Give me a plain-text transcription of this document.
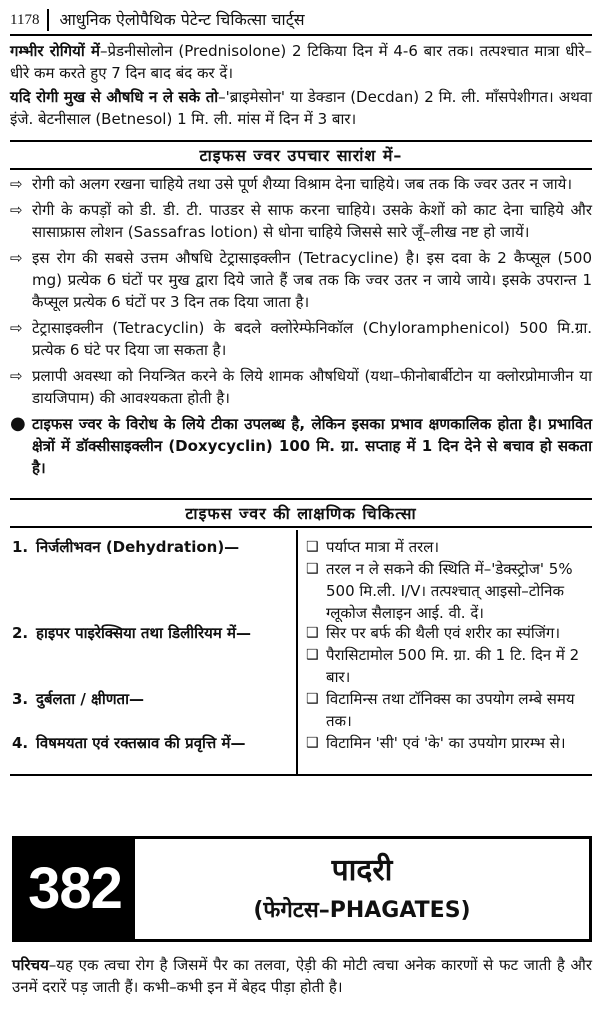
1178	आधुनिक ऐलोपैथिक पेटेन्ट चिकित्सा चार्ट्स

गम्भीर रोगियों में–प्रेडनीसोलोन (Prednisolone) 2 टिकिया दिन में 4-6 बार तक। तत्पश्चात मात्रा धीरे–धीरे कम करते हुए 7 दिन बाद बंद कर दें।

यदि रोगी मुख से औषधि न ले सके तो–'ब्राइमेसोन' या डेक्डान (Decdan) 2 मि. ली. माँसपेशीगत। अथवा इंजे. बेटनीसाल (Betnesol) 1 मि. ली. मांस में दिन में 3 बार।

टाइफस ज्वर उपचार सारांश में–
⇨ रोगी को अलग रखना चाहिये तथा उसे पूर्ण शैय्या विश्राम देना चाहिये। जब तक कि ज्वर उतर न जाये।
⇨ रोगी के कपड़ों को डी. डी. टी. पाउडर से साफ करना चाहिये। उसके केशों को काट देना चाहिये और सासाफ्रास लोशन (Sassafras lotion) से धोना चाहिये जिससे सारे जूँ–लीख नष्ट हो जायें।
⇨ इस रोग की सबसे उत्तम औषधि टेट्रासाइक्लीन (Tetracycline) है। इस दवा के 2 कैप्सूल (500 mg) प्रत्येक 6 घंटों पर मुख द्वारा दिये जाते हैं जब तक कि ज्वर उतर न जाये जाये। इसके उपरान्त 1 कैप्सूल प्रत्येक 6 घंटों पर 3 दिन तक दिया जाता है।
⇨ टेट्रासाइक्लीन (Tetracyclin) के बदले क्लोरेम्फेनिकॉल (Chyloramphenicol) 500 मि.ग्रा. प्रत्येक 6 घंटे पर दिया जा सकता है।
⇨ प्रलापी अवस्था को नियन्त्रित करने के लिये शामक औषधियों (यथा–फीनोबार्बीटोन या क्लोरप्रोमाजीन या डायजिपाम) की आवश्यकता होती है।
● टाइफस ज्वर के विरोध के लिये टीका उपलब्ध है, लेकिन इसका प्रभाव क्षणकालिक होता है। प्रभावित क्षेत्रों में डॉक्सीसाइक्लीन (Doxycyclin) 100 मि. ग्रा. सप्ताह में 1 दिन देने से बचाव हो सकता है।
टाइफस ज्वर की लाक्षणिक चिकित्सा
1. निर्जलीभवन (Dehydration)—	❑ पर्याप्त मात्रा में तरल।
❑ तरल न ले सकने की स्थिति में–'डेक्स्ट्रोज' 5% 500 मि.ली. I/V। तत्पश्चात् आइसो–टोनिक ग्लूकोज सैलाइन आई. वी. दें।
2. हाइपर पाइरेक्सिया तथा डिलीरियम में—	❑ सिर पर बर्फ की थैली एवं शरीर का स्पंजिंग।
❑ पैरासिटामोल 500 मि. ग्रा. की 1 टि. दिन में 2 बार।
3. दुर्बलता / क्षीणता—	❑ विटामिन्स तथा टॉनिक्स का उपयोग लम्बे समय तक।
4. विषमयता एवं रक्तस्राव की प्रवृत्ति में—	❑ विटामिन 'सी' एवं 'के' का उपयोग प्रारम्भ से।
382	पादरी
(फेगेटस–PHAGATES)

परिचय–यह एक त्वचा रोग है जिसमें पैर का तलवा, ऐड़ी की मोटी त्वचा अनेक कारणों से फट जाती है और उनमें दरारें पड़ जाती हैं। कभी–कभी इन में बेहद पीड़ा होती है।
